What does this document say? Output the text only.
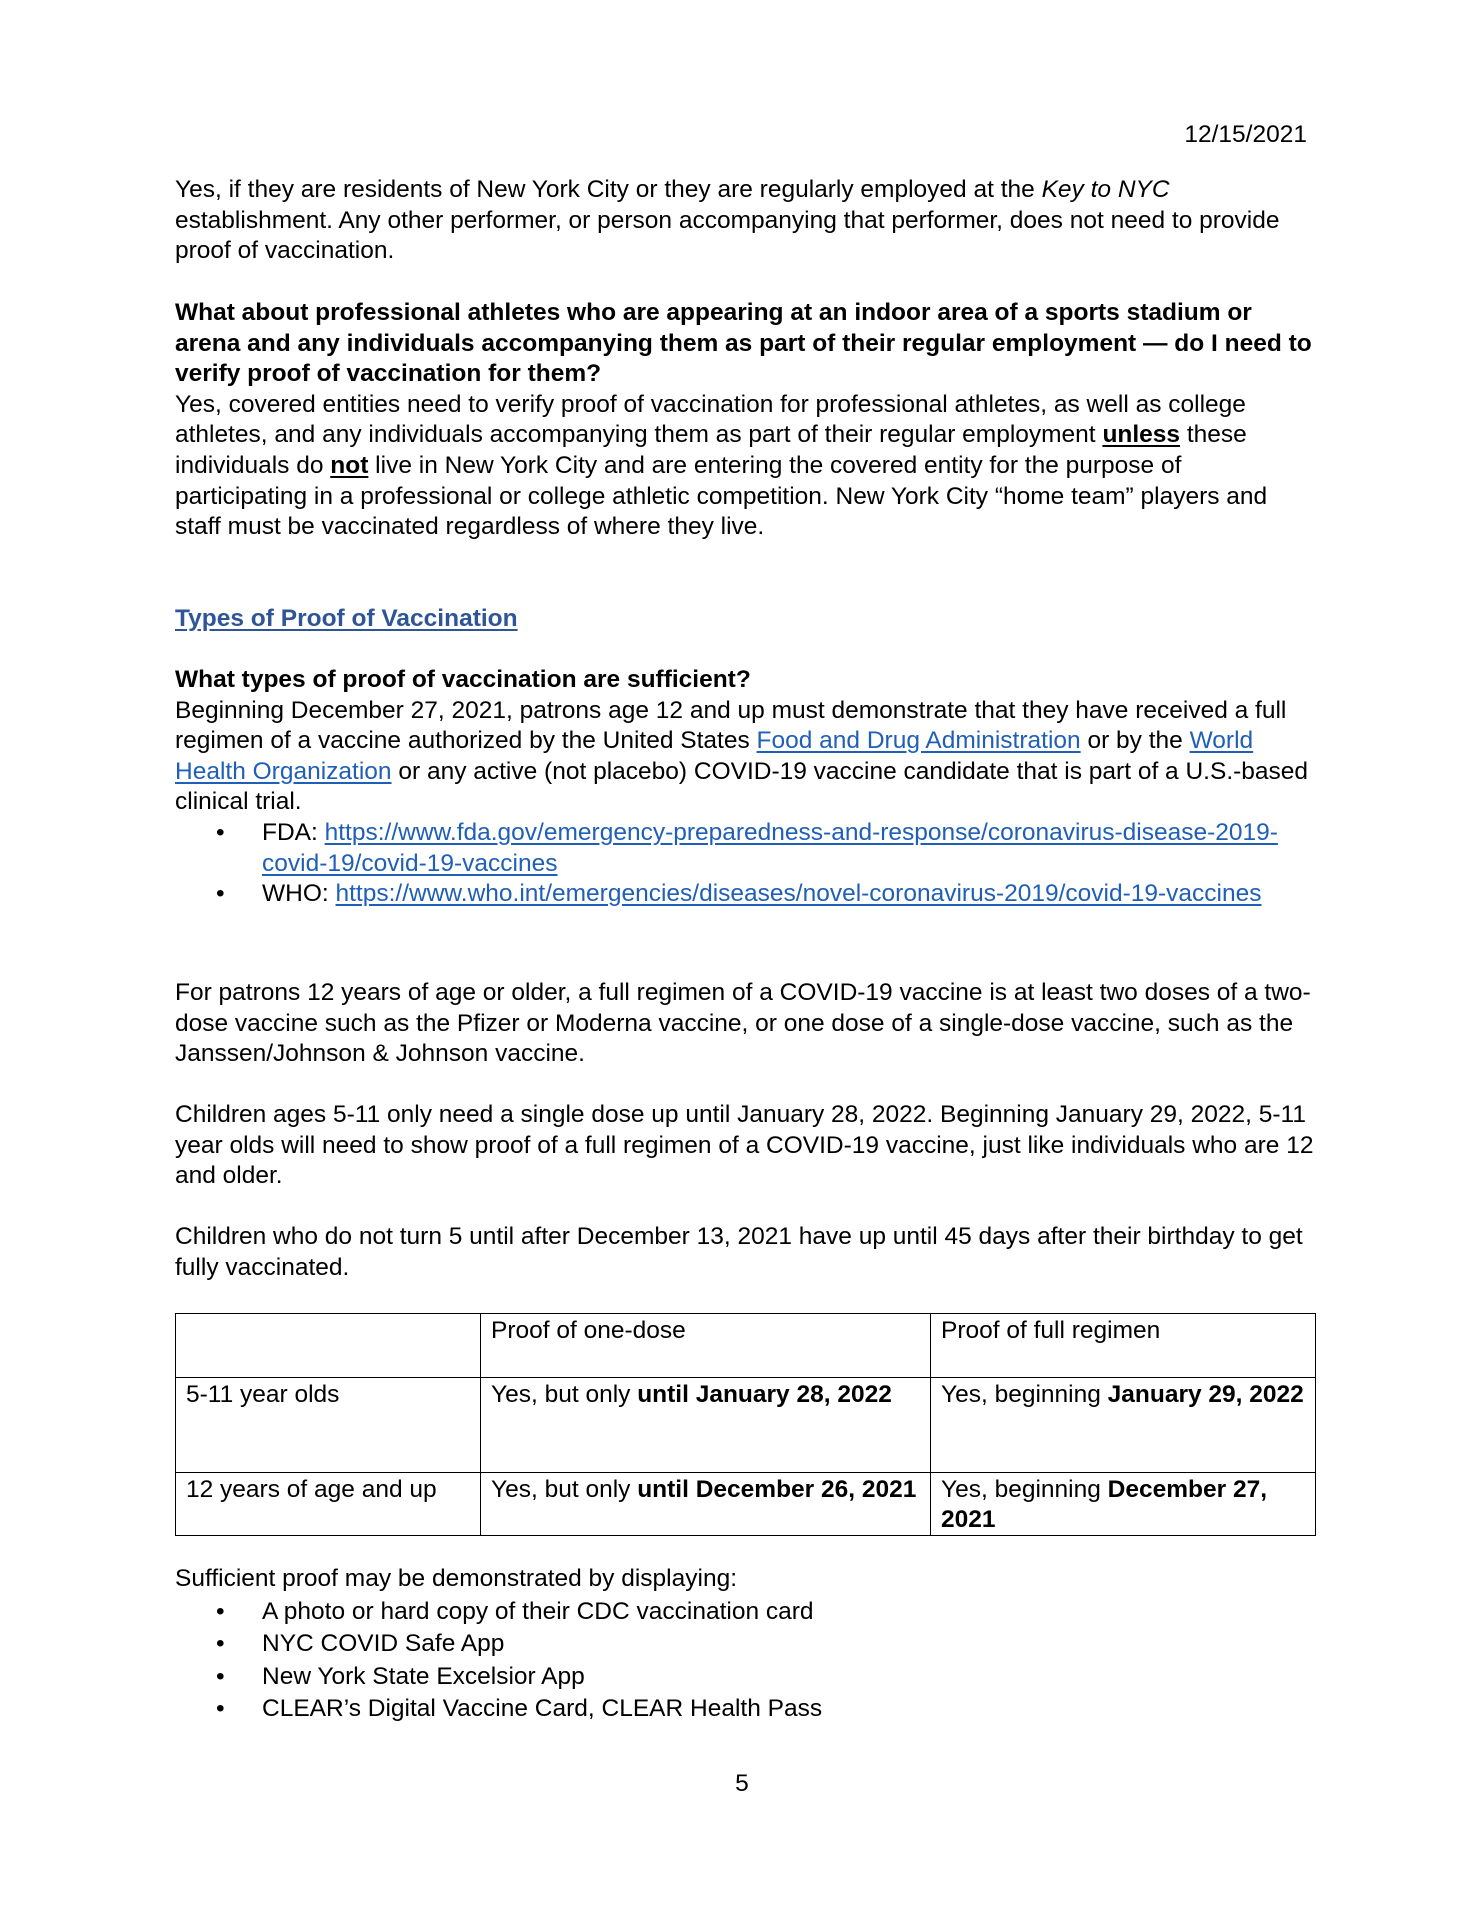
12/15/2021

Yes, if they are residents of New York City or they are regularly employed at the Key to NYC establishment. Any other performer, or person accompanying that performer, does not need to provide proof of vaccination.

What about professional athletes who are appearing at an indoor area of a sports stadium or arena and any individuals accompanying them as part of their regular employment — do I need to verify proof of vaccination for them?
Yes, covered entities need to verify proof of vaccination for professional athletes, as well as college athletes, and any individuals accompanying them as part of their regular employment unless these individuals do not live in New York City and are entering the covered entity for the purpose of participating in a professional or college athletic competition. New York City “home team” players and staff must be vaccinated regardless of where they live.
Types of Proof of Vaccination
What types of proof of vaccination are sufficient?
Beginning December 27, 2021, patrons age 12 and up must demonstrate that they have received a full regimen of a vaccine authorized by the United States Food and Drug Administration or by the World Health Organization or any active (not placebo) COVID-19 vaccine candidate that is part of a U.S.-based clinical trial.
• FDA: https://www.fda.gov/emergency-preparedness-and-response/coronavirus-disease-2019-covid-19/covid-19-vaccines
• WHO: https://www.who.int/emergencies/diseases/novel-coronavirus-2019/covid-19-vaccines

For patrons 12 years of age or older, a full regimen of a COVID-19 vaccine is at least two doses of a two-dose vaccine such as the Pfizer or Moderna vaccine, or one dose of a single-dose vaccine, such as the Janssen/Johnson & Johnson vaccine.

Children ages 5-11 only need a single dose up until January 28, 2022. Beginning January 29, 2022, 5-11 year olds will need to show proof of a full regimen of a COVID-19 vaccine, just like individuals who are 12 and older.

Children who do not turn 5 until after December 13, 2021 have up until 45 days after their birthday to get fully vaccinated.

	Proof of one-dose	Proof of full regimen
5-11 year olds	Yes, but only until January 28, 2022	Yes, beginning January 29, 2022
12 years of age and up	Yes, but only until December 26, 2021	Yes, beginning December 27, 2021
Sufficient proof may be demonstrated by displaying:
• A photo or hard copy of their CDC vaccination card
• NYC COVID Safe App
• New York State Excelsior App
• CLEAR’s Digital Vaccine Card, CLEAR Health Pass
5
